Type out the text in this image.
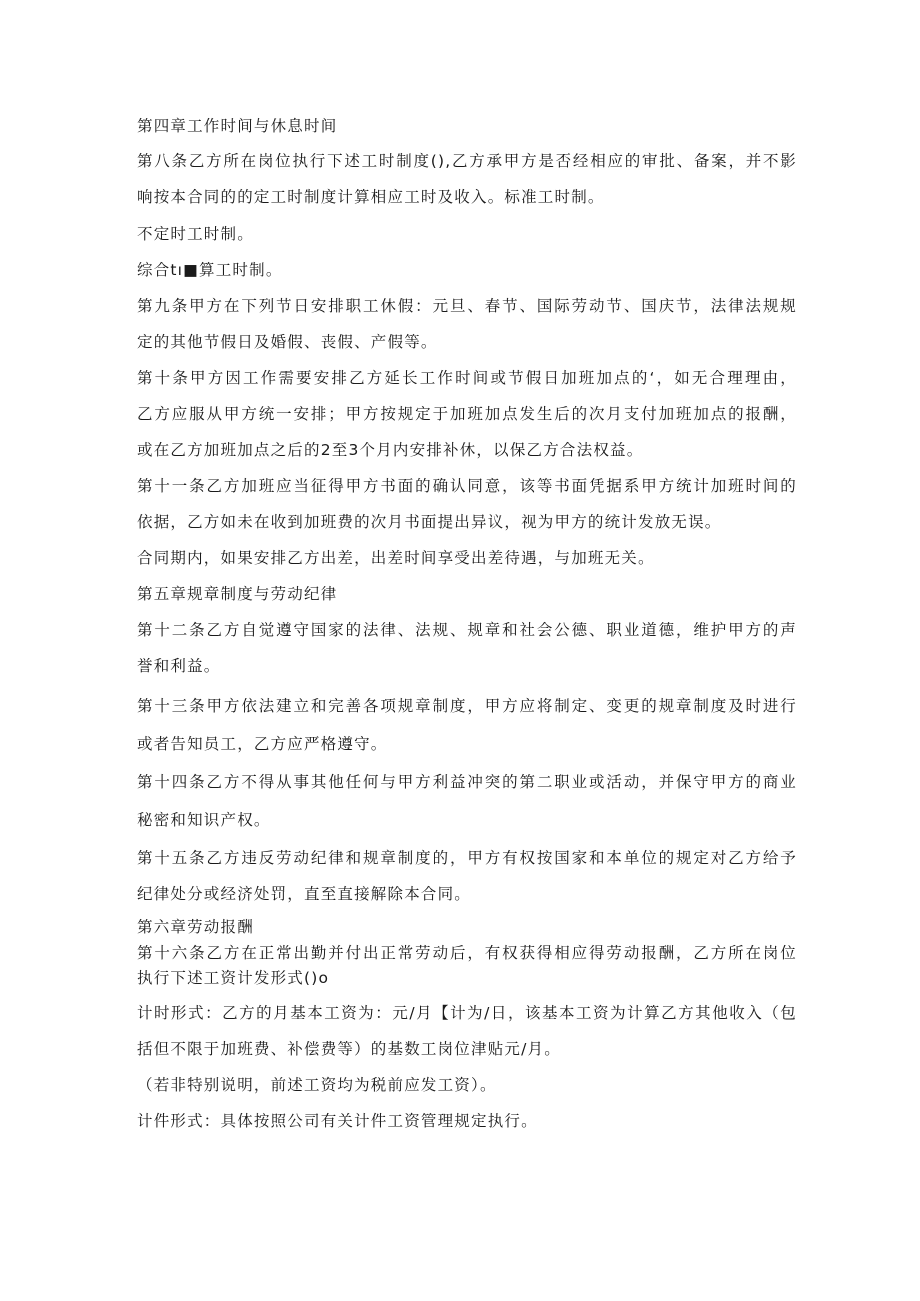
第四章工作时间与休息时间
第八条乙方所在岗位执行下述工时制度(),乙方承甲方是否经相应的审批、备案，并不影
响按本合同的的定工时制度计算相应工时及收入。标准工时制。
不定时工时制。
综合tı■算工时制。
第九条甲方在下列节日安排职工休假：元旦、春节、国际劳动节、国庆节，法律法规规
定的其他节假日及婚假、丧假、产假等。
第十条甲方因工作需要安排乙方延长工作时间或节假日加班加点的‘，如无合理理由，
乙方应服从甲方统一安排；甲方按规定于加班加点发生后的次月支付加班加点的报酬，
或在乙方加班加点之后的2至3个月内安排补休，以保乙方合法权益。
第十一条乙方加班应当征得甲方书面的确认同意，该等书面凭据系甲方统计加班时间的
依据，乙方如未在收到加班费的次月书面提出异议，视为甲方的统计发放无误。
合同期内，如果安排乙方出差，出差时间享受出差待遇，与加班无关。
第五章规章制度与劳动纪律
第十二条乙方自觉遵守国家的法律、法规、规章和社会公德、职业道德，维护甲方的声
誉和利益。
第十三条甲方依法建立和完善各项规章制度，甲方应将制定、变更的规章制度及时进行
或者告知员工，乙方应严格遵守。
第十四条乙方不得从事其他任何与甲方利益冲突的第二职业或活动，并保守甲方的商业
秘密和知识产权。
第十五条乙方违反劳动纪律和规章制度的，甲方有权按国家和本单位的规定对乙方给予
纪律处分或经济处罚，直至直接解除本合同。
第六章劳动报酬
第十六条乙方在正常出勤并付出正常劳动后，有权获得相应得劳动报酬，乙方所在岗位
执行下述工资计发形式()o
计时形式：乙方的月基本工资为：元/月【计为/日，该基本工资为计算乙方其他收入（包
括但不限于加班费、补偿费等）的基数工岗位津贴元/月。
（若非特别说明，前述工资均为税前应发工资）。
计件形式：具体按照公司有关计件工资管理规定执行。
